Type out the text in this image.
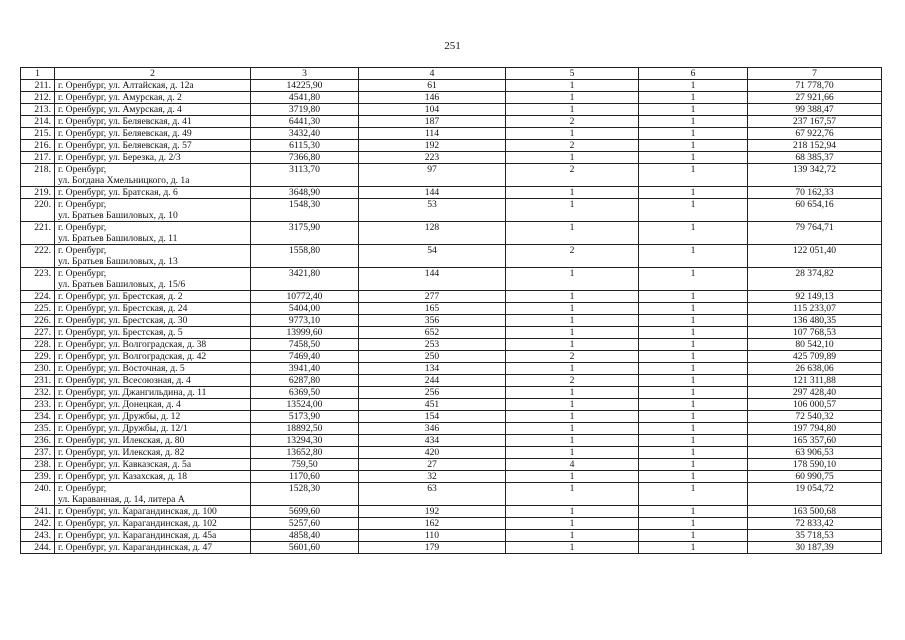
251
1	2	3	4	5	6	7
211.	г. Оренбург, ул. Алтайская, д. 12а	14225,90	61	1	1	71 778,70
212.	г. Оренбург, ул. Амурская, д. 2	4541,80	146	1	1	27 921,66
213.	г. Оренбург, ул. Амурская, д. 4	3719,80	104	1	1	99 388,47
214.	г. Оренбург, ул. Беляевская, д. 41	6441,30	187	2	1	237 167,57
215.	г. Оренбург, ул. Беляевская, д. 49	3432,40	114	1	1	67 922,76
216.	г. Оренбург, ул. Беляевская, д. 57	6115,30	192	2	1	218 152,94
217.	г. Оренбург, ул. Березка, д. 2/3	7366,80	223	1	1	68 385,37
218.	г. Оренбург,
ул. Богдана Хмельницкого, д. 1а	3113,70	97	2	1	139 342,72
219.	г. Оренбург, ул. Братская, д. 6	3648,90	144	1	1	70 162,33
220.	г. Оренбург,
ул. Братьев Башиловых, д. 10	1548,30	53	1	1	60 654,16
221.	г. Оренбург,
ул. Братьев Башиловых, д. 11	3175,90	128	1	1	79 764,71
222.	г. Оренбург,
ул. Братьев Башиловых, д. 13	1558,80	54	2	1	122 051,40
223.	г. Оренбург,
ул. Братьев Башиловых, д. 15/6	3421,80	144	1	1	28 374,82
224.	г. Оренбург, ул. Брестская, д. 2	10772,40	277	1	1	92 149,13
225.	г. Оренбург, ул. Брестская, д. 24	5404,00	165	1	1	115 233,07
226.	г. Оренбург, ул. Брестская, д. 30	9773,10	356	1	1	136 480,35
227.	г. Оренбург, ул. Брестская, д. 5	13999,60	652	1	1	107 768,53
228.	г. Оренбург, ул. Волгоградская, д. 38	7458,50	253	1	1	80 542,10
229.	г. Оренбург, ул. Волгоградская, д. 42	7469,40	250	2	1	425 709,89
230.	г. Оренбург, ул. Восточная, д. 5	3941,40	134	1	1	26 638,06
231.	г. Оренбург, ул. Всесоюзная, д. 4	6287,80	244	2	1	121 311,88
232.	г. Оренбург, ул. Джангильдина, д. 11	6369,50	256	1	1	297 428,40
233.	г. Оренбург, ул. Донецкая, д. 4	13524,00	451	1	1	106 000,57
234.	г. Оренбург, ул. Дружбы, д. 12	5173,90	154	1	1	72 540,32
235.	г. Оренбург, ул. Дружбы, д. 12/1	18892,50	346	1	1	197 794,80
236.	г. Оренбург, ул. Илекская, д. 80	13294,30	434	1	1	165 357,60
237.	г. Оренбург, ул. Илекская, д. 82	13652,80	420	1	1	63 906,53
238.	г. Оренбург, ул. Кавказская, д. 5а	759,50	27	4	1	178 590,10
239.	г. Оренбург, ул. Казахская, д. 18	1170,60	32	1	1	60 990,75
240.	г. Оренбург,
ул. Караванная, д. 14, литера А	1528,30	63	1	1	19 054,72
241.	г. Оренбург, ул. Карагандинская, д. 100	5699,60	192	1	1	163 500,68
242.	г. Оренбург, ул. Карагандинская, д. 102	5257,60	162	1	1	72 833,42
243.	г. Оренбург, ул. Карагандинская, д. 45а	4858,40	110	1	1	35 718,53
244.	г. Оренбург, ул. Карагандинская, д. 47	5601,60	179	1	1	30 187,39
